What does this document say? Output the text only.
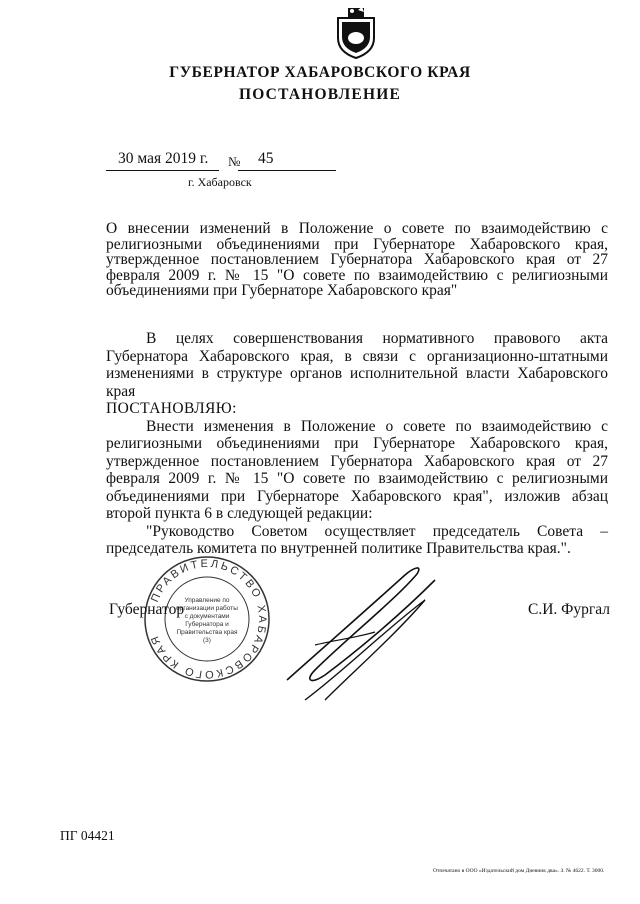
ГУБЕРНАТОР ХАБАРОВСКОГО КРАЯ
ПОСТАНОВЛЕНИЕ
30 мая 2019 г. № 45
г. Хабаровск
О внесении изменений в Положение о совете по взаимодействию с религиозными объединениями при Губернаторе Хабаровского края, утвержденное постановлением Губернатора Хабаровского края от 27 февраля 2009 г. № 15 "О совете по взаимодействию с религиозными объединениями при Губернаторе Хабаровского края"

В целях совершенствования нормативного правового акта Губернатора Хабаровского края, в связи с организационно-штатными изменениями в структуре органов исполнительной власти Хабаровского края

ПОСТАНОВЛЯЮ:

Внести изменения в Положение о совете по взаимодействию с религиозными объединениями при Губернаторе Хабаровского края, утвержденное постановлением Губернатора Хабаровского края от 27 февраля 2009 г. № 15 "О совете по взаимодействию с религиозными объединениями при Губернаторе Хабаровского края", изложив абзац второй пункта 6 в следующей редакции:

"Руководство Советом осуществляет председатель Совета – председатель комитета по внутренней политике Правительства края.".

ПРАВИТЕЛЬСТВО ХАБАРОВСКОГО КРАЯ
Управление по организации работы с документами Губернатора и Правительства края (3)
Губернатор	С.И. Фургал
ПГ 04421
Отпечатано в ООО «Издательский дом Дневник два». З. № 4622. Т. 3000.
